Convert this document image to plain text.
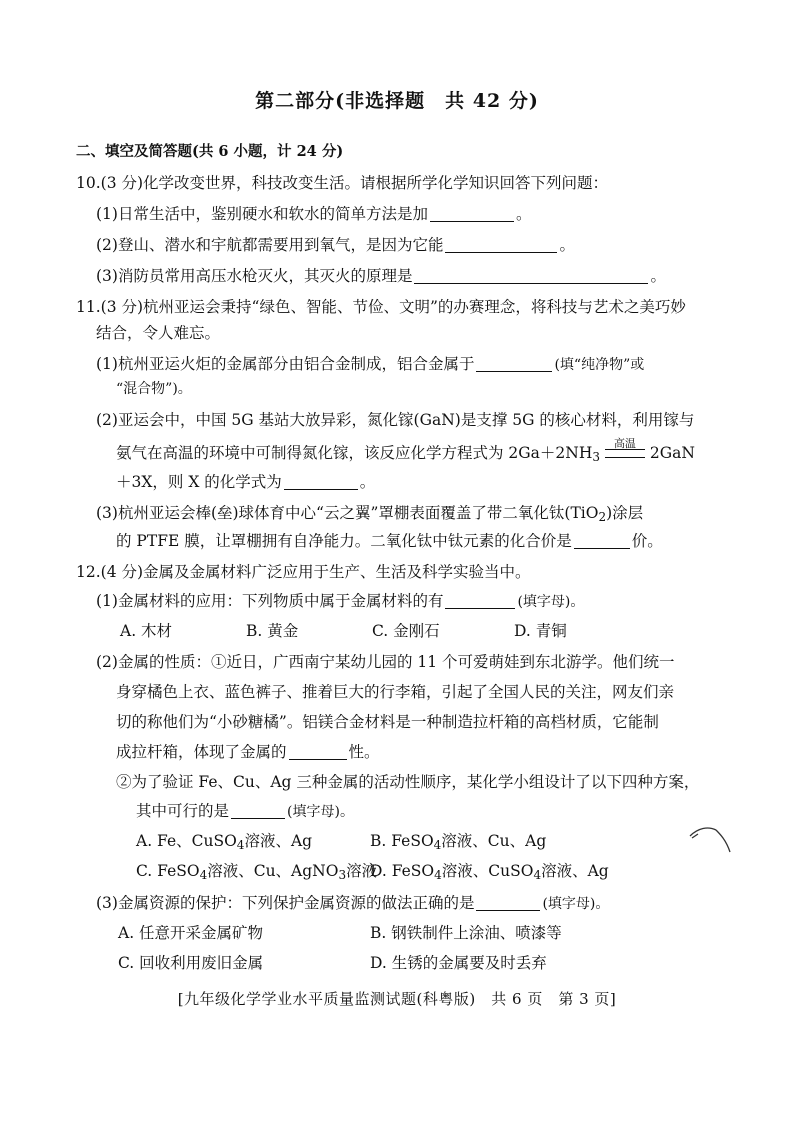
第二部分(非选择题　共 42 分)
二、填空及简答题(共 6 小题，计 24 分)
10.(3 分)化学改变世界，科技改变生活。请根据所学化学知识回答下列问题：
(1)日常生活中，鉴别硬水和软水的简单方法是加	。
(2)登山、潜水和宇航都需要用到氧气，是因为它能	。
(3)消防员常用高压水枪灭火，其灭火的原理是	。
11.(3 分)杭州亚运会秉持“绿色、智能、节俭、文明”的办赛理念，将科技与艺术之美巧妙
结合，令人难忘。
(1)杭州亚运火炬的金属部分由铝合金制成，铝合金属于	(填“纯净物”或
“混合物”)。
(2)亚运会中，中国 5G 基站大放异彩，氮化镓(GaN)是支撑 5G 的核心材料，利用镓与
氨气在高温的环境中可制得氮化镓，该反应化学方程式为 $2Ga+2NH_3$
高温
2GaN
＋3X，则 X 的化学式为	。
(3)杭州亚运会棒(垒)球体育中心“云之翼”罩棚表面覆盖了带二氧化钛(TiO$_2$)涂层
的 PTFE 膜，让罩棚拥有自净能力。二氧化钛中钛元素的化合价是	价。
12.(4 分)金属及金属材料广泛应用于生产、生活及科学实验当中。
(1)金属材料的应用：下列物质中属于金属材料的有	(填字母)。
A. 木材	B. 黄金	C. 金刚石	D. 青铜
(2)金属的性质：①近日，广西南宁某幼儿园的 11 个可爱萌娃到东北游学。他们统一
身穿橘色上衣、蓝色裤子、推着巨大的行李箱，引起了全国人民的关注，网友们亲
切的称他们为“小砂糖橘”。铝镁合金材料是一种制造拉杆箱的高档材质，它能制
成拉杆箱，体现了金属的	性。
②为了验证 Fe、Cu、Ag 三种金属的活动性顺序，某化学小组设计了以下四种方案，
其中可行的是	(填字母)。
A. Fe、CuSO$_4$溶液、Ag	B. FeSO$_4$溶液、Cu、Ag
C. FeSO$_4$溶液、Cu、AgNO$_3$溶液
D. FeSO$_4$溶液、CuSO$_4$溶液、Ag
(3)金属资源的保护：下列保护金属资源的做法正确的是	(填字母)。
A. 任意开采金属矿物	B. 钢铁制件上涂油、喷漆等
C. 回收利用废旧金属	D. 生锈的金属要及时丢弃
[九年级化学学业水平质量监测试题(科粤版)　共 6 页　第 3 页]
